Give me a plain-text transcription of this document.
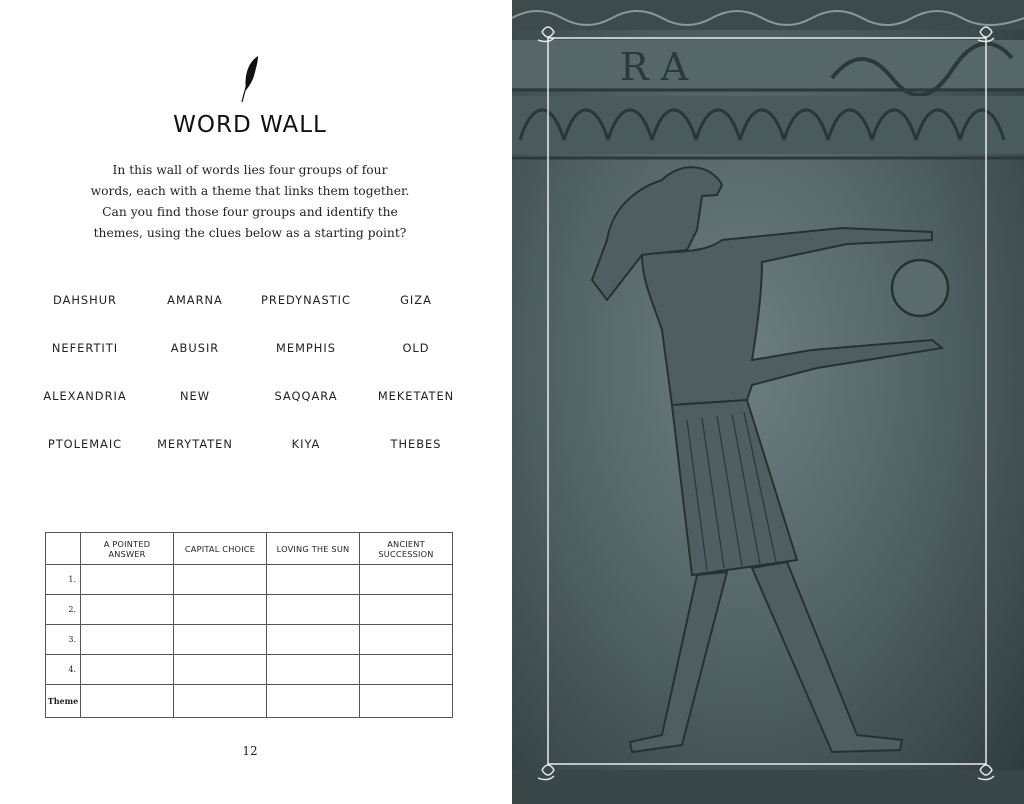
WORD WALL
In this wall of words lies four groups of four words, each with a theme that links them together. Can you find those four groups and identify the themes, using the clues below as a starting point?
DAHSHUR	AMARNA	PREDYNASTIC	GIZA
NEFERTITI	ABUSIR	MEMPHIS	OLD
ALEXANDRIA	NEW	SAQQARA	MEKETATEN
PTOLEMAIC	MERYTATEN	KIYA	THEBES
	A POINTED ANSWER	CAPITAL CHOICE	LOVING THE SUN	ANCIENT SUCCESSION
1.				
2.				
3.				
4.				
Theme				
12
R A
